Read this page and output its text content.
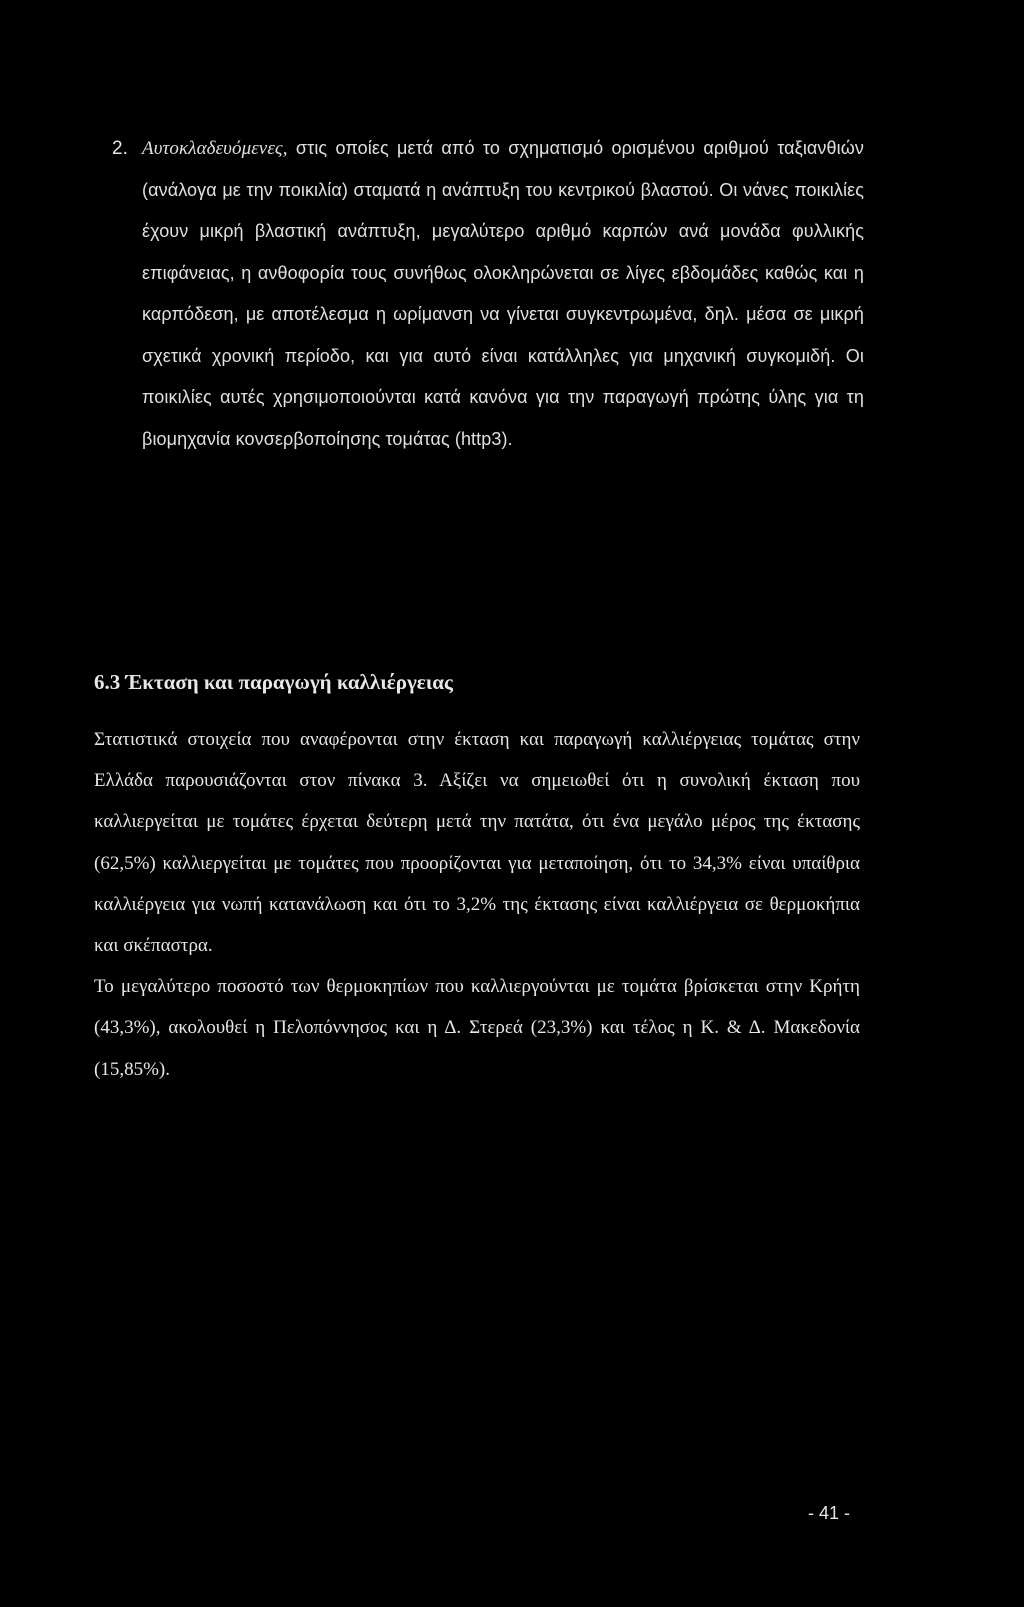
2. Αυτοκλαδευόμενες, στις οποίες μετά από το σχηματισμό ορισμένου αριθμού ταξιανθιών (ανάλογα με την ποικιλία) σταματά η ανάπτυξη του κεντρικού βλαστού. Οι νάνες ποικιλίες έχουν μικρή βλαστική ανάπτυξη, μεγαλύτερο αριθμό καρπών ανά μονάδα φυλλικής επιφάνειας, η ανθοφορία τους συνήθως ολοκληρώνεται σε λίγες εβδομάδες καθώς και η καρπόδεση, με αποτέλεσμα η ωρίμανση να γίνεται συγκεντρωμένα, δηλ. μέσα σε μικρή σχετικά χρονική περίοδο, και για αυτό είναι κατάλληλες για μηχανική συγκομιδή. Οι ποικιλίες αυτές χρησιμοποιούνται κατά κανόνα για την παραγωγή πρώτης ύλης για τη βιομηχανία κονσερβοποίησης τομάτας (http3).

6.3 Έκταση και παραγωγή καλλιέργειας

Στατιστικά στοιχεία που αναφέρονται στην έκταση και παραγωγή καλλιέργειας τομάτας στην Ελλάδα παρουσιάζονται στον πίνακα 3. Αξίζει να σημειωθεί ότι η συνολική έκταση που καλλιεργείται με τομάτες έρχεται δεύτερη μετά την πατάτα, ότι ένα μεγάλο μέρος της έκτασης (62,5%) καλλιεργείται με τομάτες που προορίζονται για μεταποίηση, ότι το 34,3% είναι υπαίθρια καλλιέργεια για νωπή κατανάλωση και ότι το 3,2% της έκτασης είναι καλλιέργεια σε θερμοκήπια και σκέπαστρα.

Το μεγαλύτερο ποσοστό των θερμοκηπίων που καλλιεργούνται με τομάτα βρίσκεται στην Κρήτη (43,3%), ακολουθεί η Πελοπόννησος και η Δ. Στερεά (23,3%) και τέλος η Κ. & Δ. Μακεδονία (15,85%).

- 41 -
